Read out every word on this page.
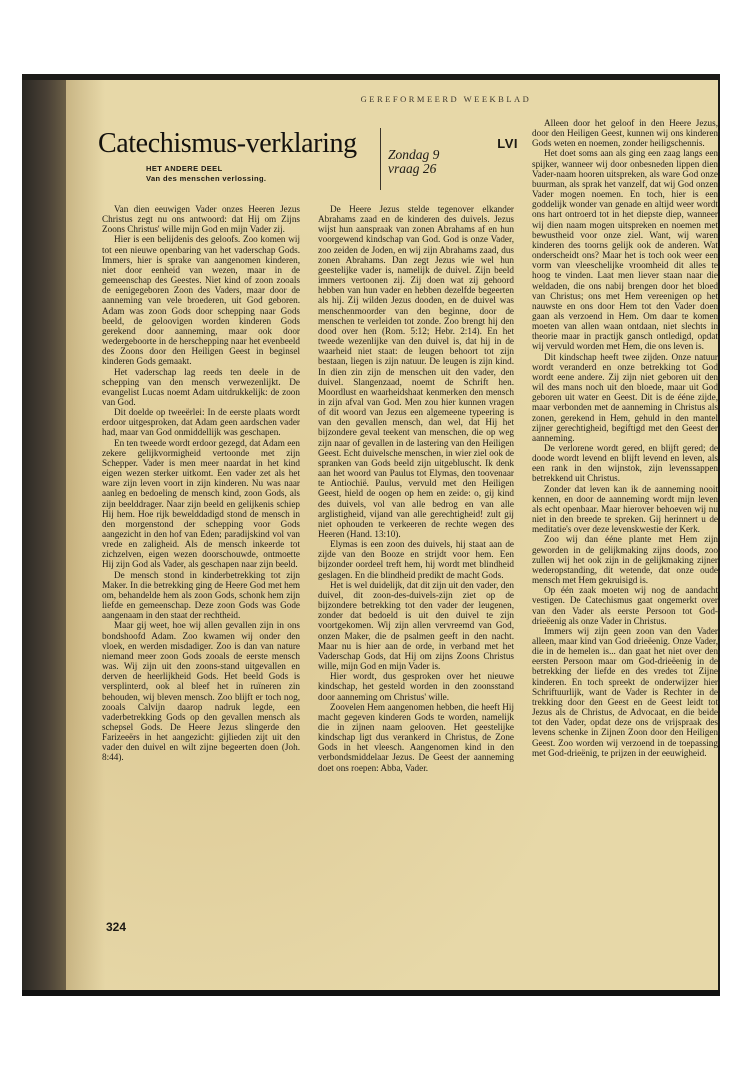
GEREFORMEERD WEEKBLAD
Catechismus-verklaring
HET ANDERE DEEL
Van des menschen verlossing.
LVI
Zondag 9
vraag 26

Van dien eeuwigen Vader onzes Heeren Jezus Christus zegt nu ons antwoord: dat Hij om Zijns Zoons Christus' wille mijn God en mijn Vader zij.

Hier is een belijdenis des geloofs. Zoo komen wij tot een nieuwe openbaring van het vaderschap Gods. Immers, hier is sprake van aangenomen kinderen, niet door eenheid van wezen, maar in de gemeenschap des Geestes. Niet kind of zoon zooals de eenigegeboren Zoon des Vaders, maar door de aanneming van vele broederen, uit God geboren. Adam was zoon Gods door schepping naar Gods beeld, de geloovigen worden kinderen Gods gerekend door aanneming, maar ook door wedergeboorte in de herschepping naar het evenbeeld des Zoons door den Heiligen Geest in beginsel kinderen Gods gemaakt.

Het vaderschap lag reeds ten deele in de schepping van den mensch verwezenlijkt. De evangelist Lucas noemt Adam uitdrukkelijk: de zoon van God.

Dit doelde op tweeërlei: In de eerste plaats wordt erdoor uitgesproken, dat Adam geen aardschen vader had, maar van God onmiddellijk was geschapen.

En ten tweede wordt erdoor gezegd, dat Adam een zekere gelijkvormigheid vertoonde met zijn Schepper. Vader is men meer naardat in het kind eigen wezen sterker uitkomt. Een vader zet als het ware zijn leven voort in zijn kinderen. Nu was naar aanleg en bedoeling de mensch kind, zoon Gods, als zijn beelddrager. Naar zijn beeld en gelijkenis schiep Hij hem. Hoe rijk bewelddadigd stond de mensch in den morgenstond der schepping voor Gods aangezicht in den hof van Eden; paradijskind vol van vrede en zaligheid. Als de mensch inkeerde tot zichzelven, eigen wezen doorschouwde, ontmoette Hij zijn God als Vader, als geschapen naar zijn beeld.

De mensch stond in kinderbetrekking tot zijn Maker. In die betrekking ging de Heere God met hem om, behandelde hem als zoon Gods, schonk hem zijn liefde en gemeenschap. Deze zoon Gods was Gode aangenaam in den staat der rechtheid.

Maar gij weet, hoe wij allen gevallen zijn in ons bondshoofd Adam. Zoo kwamen wij onder den vloek, en werden misdadiger. Zoo is dan van nature niemand meer zoon Gods zooals de eerste mensch was. Wij zijn uit den zoons-stand uitgevallen en derven de heerlijkheid Gods. Het beeld Gods is versplinterd, ook al bleef het in ruïneren zin behouden, wij bleven mensch. Zoo blijft er toch nog, zooals Calvijn daarop nadruk legde, een vaderbetrekking Gods op den gevallen mensch als schepsel Gods. De Heere Jezus slingerde den Farizeeërs in het aangezicht: gijlieden zijt uit den vader den duivel en wilt zijne begeerten doen (Joh. 8:44).

De Heere Jezus stelde tegenover elkander Abrahams zaad en de kinderen des duivels. Jezus wijst hun aanspraak van zonen Abrahams af en hun voorgewend kindschap van God. God is onze Vader, zoo zeiden de Joden, en wij zijn Abrahams zaad, dus zonen Abrahams. Dan zegt Jezus wie wel hun geestelijke vader is, namelijk de duivel. Zijn beeld immers vertoonen zij. Zij doen wat zij gehoord hebben van hun vader en hebben dezelfde begeerten als hij. Zij wilden Jezus dooden, en de duivel was menschenmoorder van den beginne, door de menschen te verleiden tot zonde. Zoo brengt hij den dood over hen (Rom. 5:12; Hebr. 2:14). En het tweede wezenlijke van den duivel is, dat hij in de waarheid niet staat: de leugen behoort tot zijn bestaan, liegen is zijn natuur. De leugen is zijn kind. In dien zin zijn de menschen uit den vader, den duivel. Slangenzaad, noemt de Schrift hen. Moordlust en waarheidshaat kenmerken den mensch in zijn afval van God. Men zou hier kunnen vragen of dit woord van Jezus een algemeene typeering is van den gevallen mensch, dan wel, dat Hij het bijzondere geval teekent van menschen, die op weg zijn naar of gevallen in de lastering van den Heiligen Geest. Echt duivelsche menschen, in wier ziel ook de spranken van Gods beeld zijn uitgebluscht. Ik denk aan het woord van Paulus tot Elymas, den toovenaar te Antiochië. Paulus, vervuld met den Heiligen Geest, hield de oogen op hem en zeide: o, gij kind des duivels, vol van alle bedrog en van alle arglistigheid, vijand van alle gerechtigheid! zult gij niet ophouden te verkeeren de rechte wegen des Heeren (Hand. 13:10).

Elymas is een zoon des duivels, hij staat aan de zijde van den Booze en strijdt voor hem. Een bijzonder oordeel treft hem, hij wordt met blindheid geslagen. En die blindheid predikt de macht Gods.

Het is wel duidelijk, dat dit zijn uit den vader, den duivel, dit zoon-des-duivels-zijn ziet op de bijzondere betrekking tot den vader der leugenen, zonder dat bedoeld is uit den duivel te zijn voortgekomen. Wij zijn allen vervreemd van God, onzen Maker, die de psalmen geeft in den nacht. Maar nu is hier aan de orde, in verband met het Vaderschap Gods, dat Hij om zijns Zoons Christus wille, mijn God en mijn Vader is.

Hier wordt, dus gesproken over het nieuwe kindschap, het gesteld worden in den zoonsstand door aanneming om Christus' wille.

Zoovelen Hem aangenomen hebben, die heeft Hij macht gegeven kinderen Gods te worden, namelijk die in zijnen naam gelooven. Het geestelijke kindschap ligt dus verankerd in Christus, de Zone Gods in het vleesch. Aangenomen kind in den verbondsmiddelaar Jezus. De Geest der aanneming doet ons roepen: Abba, Vader.

Alleen door het geloof in den Heere Jezus, door den Heiligen Geest, kunnen wij ons kinderen Gods weten en noemen, zonder heiligschennis.

Het doet soms aan als ging een zaag langs een spijker, wanneer wij door onbesneden lippen dien Vader-naam hooren uitspreken, als ware God onze buurman, als sprak het vanzelf, dat wij God onzen Vader mogen noemen. En toch, hier is een goddelijk wonder van genade en altijd weer wordt ons hart ontroerd tot in het diepste diep, wanneer wij dien naam mogen uitspreken en noemen met bewustheid voor onze ziel. Want, wij waren kinderen des toorns gelijk ook de anderen. Wat onderscheidt ons? Maar het is toch ook weer een vorm van vleeschelijke vroomheid dit alles te hoog te vinden. Laat men liever staan naar die weldaden, die ons nabij brengen door het bloed van Christus; ons met Hem vereenigen op het nauwste en ons door Hem tot den Vader doen gaan als verzoend in Hem. Om daar te komen moeten van allen waan ontdaan, niet slechts in theorie maar in practijk gansch ontledigd, opdat wij vervuld worden met Hem, die ons leven is.

Dit kindschap heeft twee zijden. Onze natuur wordt veranderd en onze betrekking tot God wordt eene andere. Zij zijn niet geboren uit den wil des mans noch uit den bloede, maar uit God geboren uit water en Geest. Dit is de ééne zijde, maar verbonden met de aanneming in Christus als zonen, gerekend in Hem, gehuld in den mantel zijner gerechtigheid, begiftigd met den Geest der aanneming.

De verlorene wordt gered, en blijft gered; de doode wordt levend en blijft levend en leven, als een rank in den wijnstok, zijn levenssappen betrekkend uit Christus.

Zonder dat leven kan ik de aanneming nooit kennen, en door de aanneming wordt mijn leven als echt openbaar. Maar hierover behoeven wij nu niet in den breede te spreken. Gij herinnert u de meditatie's over deze levenskwestie der Kerk.

Zoo wij dan ééne plante met Hem zijn geworden in de gelijkmaking zijns doods, zoo zullen wij het ook zijn in de gelijkmaking zijner wederopstanding, dit wetende, dat onze oude mensch met Hem gekruisigd is.

Op één zaak moeten wij nog de aandacht vestigen. De Catechismus gaat ongemerkt over van den Vader als eerste Persoon tot God-drieëenig als onze Vader in Christus.

Immers wij zijn geen zoon van den Vader alleen, maar kind van God drieëenig. Onze Vader, die in de hemelen is... dan gaat het niet over den eersten Persoon maar om God-drieëenig in de betrekking der liefde en des vredes tot Zijne kinderen. En toch spreekt de onderwijzer hier Schriftuurlijk, want de Vader is Rechter in de trekking door den Geest en de Geest leidt tot Jezus als de Christus, de Advocaat, en die beide tot den Vader, opdat deze ons de vrijspraak des levens schenke in Zijnen Zoon door den Heiligen Geest. Zoo worden wij verzoend in de toepassing met God-drieënig, te prijzen in der eeuwigheid.

324
